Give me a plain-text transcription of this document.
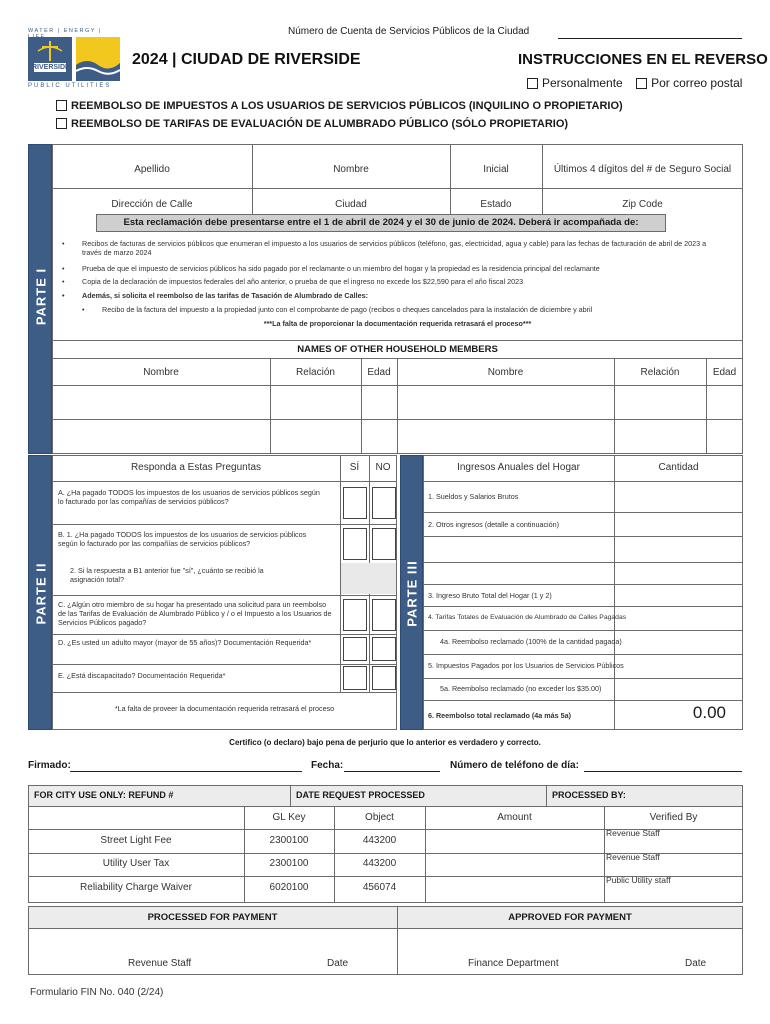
WATER | ENERGY |
RIVERSIDE
PUBLIC UTILITIES
Número de Cuenta de Servicios Públicos de la Ciudad
2024 | CIUDAD DE RIVERSIDE	INSTRUCCIONES EN EL REVERSO
Personalmente Por correo postal
REEMBOLSO DE IMPUESTOS A LOS USUARIOS DE SERVICIOS PÚBLICOS (INQUILINO O PROPIETARIO)
REEMBOLSO DE TARIFAS DE EVALUACIÓN DE ALUMBRADO PÚBLICO (SÓLO PROPIETARIO)
PARTE I
Apellido	Nombre	Inicial	Últimos 4 dígitos del # de Seguro Social
Dirección de Calle	Ciudad	Estado	Zip Code
Esta reclamación debe presentarse entre el 1 de abril de 2024 y el 30 de junio de 2024. Deberá ir acompañada de:
• Recibos de facturas de servicios públicos que enumeran el impuesto a los usuarios de servicios públicos (teléfono, gas, electricidad, agua y cable) para las fechas de facturación de abril de 2023 a través de marzo 2024
• Prueba de que el impuesto de servicios públicos ha sido pagado por el reclamante o un miembro del hogar y la propiedad es la residencia principal del reclamante
• Copia de la declaración de impuestos federales del año anterior, o prueba de que el ingreso no excede los $22,590 para el año fiscal 2023
• Además, si solicita el reembolso de las tarifas de Tasación de Alumbrado de Calles:
• Recibo de la factura del impuesto a la propiedad junto con el comprobante de pago (recibos o cheques cancelados para la instalación de diciembre y abril
***La falta de proporcionar la documentación requerida retrasará el proceso***
NAMES OF OTHER HOUSEHOLD MEMBERS
Nombre	Relación	Edad	Nombre	Relación	Edad
PARTE II
Responda a Estas Preguntas	SÍ	NO
A. ¿Ha pagado TODOS los impuestos de los usuarios de servicios públicos según lo facturado por las compañías de servicios públicos?
B. 1. ¿Ha pagado TODOS los impuestos de los usuarios de servicios públicos según lo facturado por las compañías de servicios públicos?
2. Si la respuesta a B1 anterior fue "sí", ¿cuánto se recibió la asignación total?
C. ¿Algún otro miembro de su hogar ha presentado una solicitud para un reembolso de las Tarifas de Evaluación de Alumbrado Público y / o el Impuesto a los Usuarios de Servicios Públicos pagado?
D. ¿Es usted un adulto mayor (mayor de 55 años)? Documentación Requerida*
E. ¿Está discapacitado? Documentación Requerida*
*La falta de proveer la documentación requerida retrasará el proceso
PARTE III
Ingresos Anuales del Hogar	Cantidad
1. Sueldos y Salarios Brutos
2. Otros ingresos (detalle a continuación)
3. Ingreso Bruto Total del Hogar (1 y 2)
4. Tarifas Totales de Evaluación de Alumbrado de Calles Pagadas
4a. Reembolso reclamado (100% de la cantidad pagada)
5. Impuestos Pagados por los Usuarios de Servicios Públicos
5a. Reembolso reclamado (no exceder los $35.00)
6. Reembolso total reclamado (4a más 5a)	0.00
Certifico (o declaro) bajo pena de perjurio que lo anterior es verdadero y correcto.
Firmado:	Fecha:	Número de teléfono de día:
FOR CITY USE ONLY: REFUND #	DATE REQUEST PROCESSED	PROCESSED BY:
GL Key	Object	Amount	Verified By
Street Light Fee	2300100	443200
Revenue Staff
Utility User Tax	2300100	443200
Revenue Staff
Reliability Charge Waiver	6020100	456074
Public Utility staff
PROCESSED FOR PAYMENT	APPROVED FOR PAYMENT
Revenue Staff	Date	Finance Department	Date
Formulario FIN No. 040 (2/24)
